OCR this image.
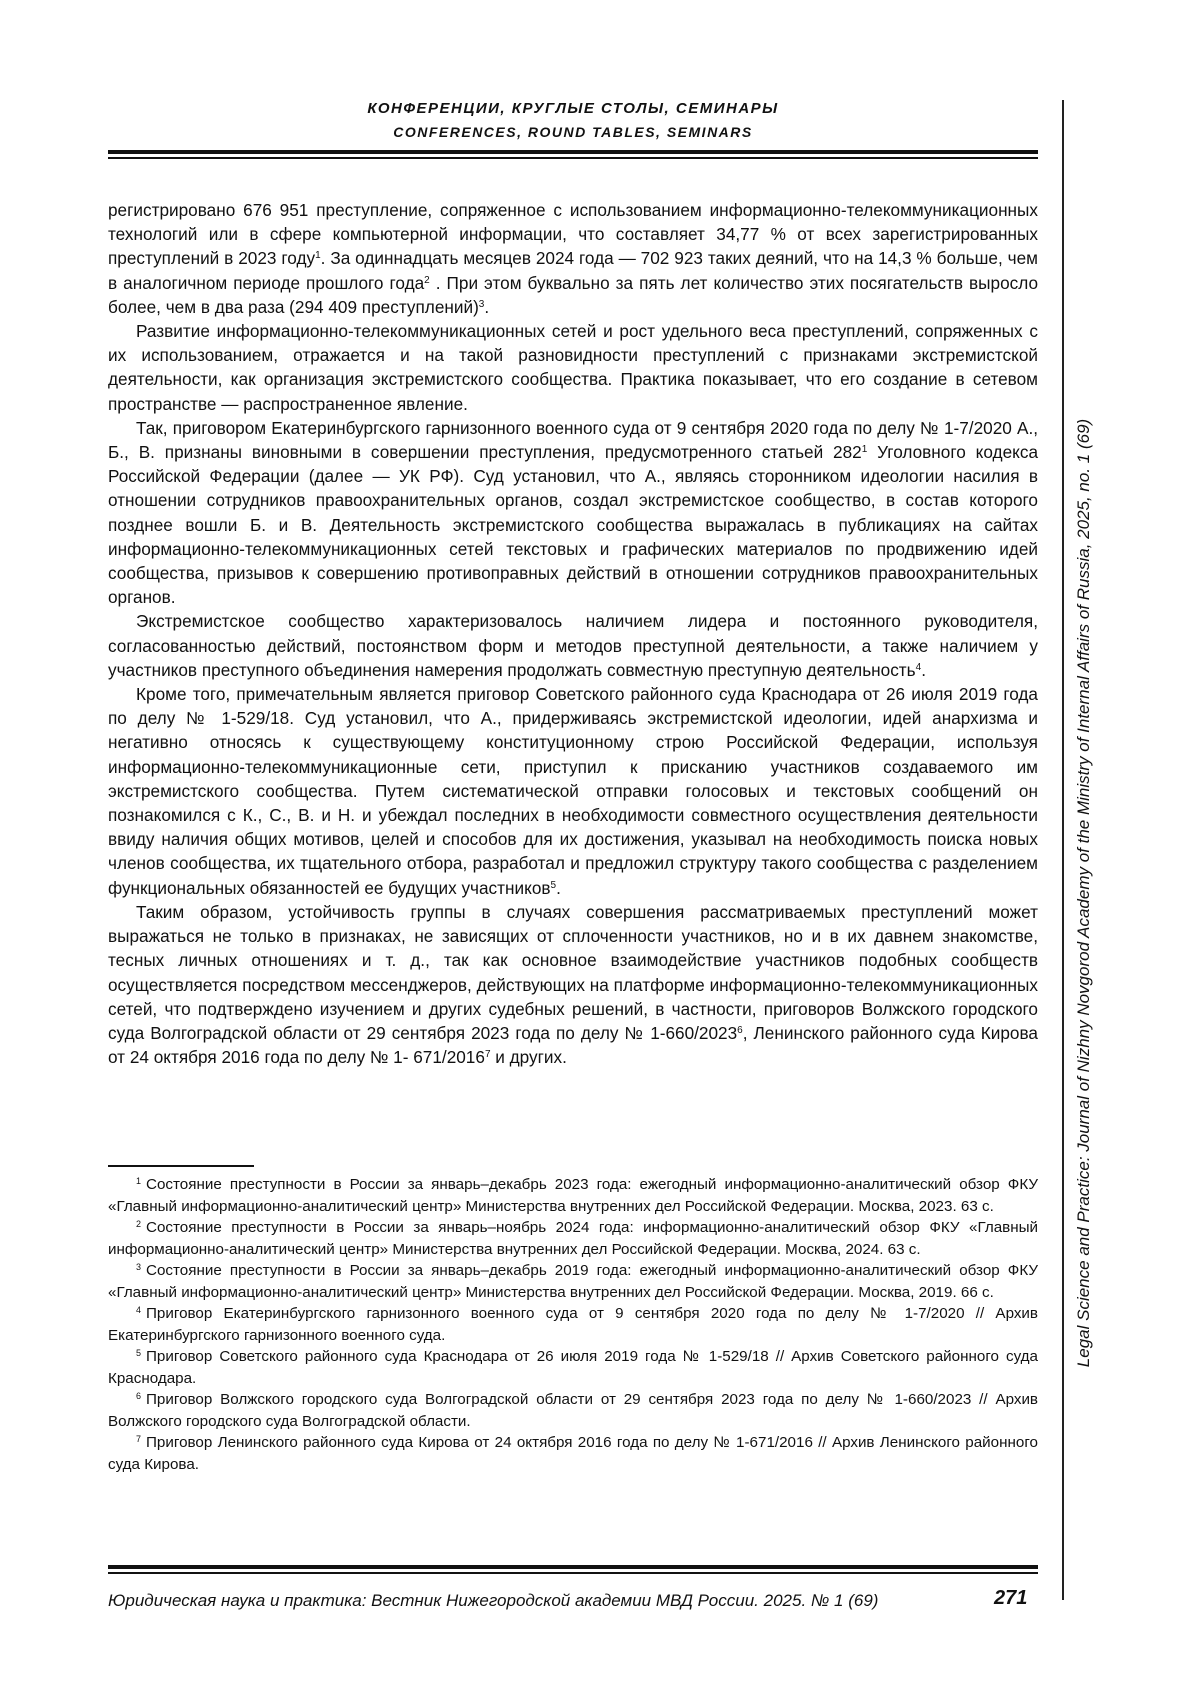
КОНФЕРЕНЦИИ, КРУГЛЫЕ СТОЛЫ, СЕМИНАРЫ
CONFERENCES, ROUND TABLES, SEMINARS
Legal Science and Practice: Journal of Nizhny Novgorod Academy of the Ministry of Internal Affairs of Russia, 2025, no. 1 (69)

регистрировано 676 951 преступление, сопряженное с использованием информационно-телекоммуникационных технологий или в сфере компьютерной информации, что составляет 34,77 % от всех зарегистрированных преступлений в 2023 году$^1$. За одиннадцать месяцев 2024 года — 702 923 таких деяний, что на 14,3 % больше, чем в аналогичном периоде прошлого года$^2$ . При этом буквально за пять лет количество этих посягательств выросло более, чем в два раза (294 409 преступлений)$^3$.

Развитие информационно-телекоммуникационных сетей и рост удельного веса преступлений, сопряженных с их использованием, отражается и на такой разновидности преступлений с признаками экстремистской деятельности, как организация экстремистского сообщества. Практика показывает, что его создание в сетевом пространстве — распространенное явление.

Так, приговором Екатеринбургского гарнизонного военного суда от 9 сентября 2020 года по делу № 1-7/2020 А., Б., В. признаны виновными в совершении преступления, предусмотренного статьей $282^1$ Уголовного кодекса Российской Федерации (далее — УК РФ). Суд установил, что А., являясь сторонником идеологии насилия в отношении сотрудников правоохранительных органов, создал экстремистское сообщество, в состав которого позднее вошли Б. и В. Деятельность экстремистского сообщества выражалась в публикациях на сайтах информационно-телекоммуникационных сетей текстовых и графических материалов по продвижению идей сообщества, призывов к совершению противоправных действий в отношении сотрудников правоохранительных органов.

Экстремистское сообщество характеризовалось наличием лидера и постоянного руководителя, согласованностью действий, постоянством форм и методов преступной деятельности, а также наличием у участников преступного объединения намерения продолжать совместную преступную деятельность$^4$.

Кроме того, примечательным является приговор Советского районного суда Краснодара от 26 июля 2019 года по делу № 1-529/18. Суд установил, что А., придерживаясь экстремистской идеологии, идей анархизма и негативно относясь к существующему конституционному строю Российской Федерации, используя информационно-телекоммуникационные сети, приступил к присканию участников создаваемого им экстремистского сообщества. Путем систематической отправки голосовых и текстовых сообщений он познакомился с К., С., В. и Н. и убеждал последних в необходимости совместного осуществления деятельности ввиду наличия общих мотивов, целей и способов для их достижения, указывал на необходимость поиска новых членов сообщества, их тщательного отбора, разработал и предложил структуру такого сообщества с разделением функциональных обязанностей ее будущих участников$^5$.

Таким образом, устойчивость группы в случаях совершения рассматриваемых преступлений может выражаться не только в признаках, не зависящих от сплоченности участников, но и в их давнем знакомстве, тесных личных отношениях и т. д., так как основное взаимодействие участников подобных сообществ осуществляется посредством мессенджеров, действующих на платформе информационно-телекоммуникационных сетей, что подтверждено изучением и других судебных решений, в частности, приговоров Волжского городского суда Волгоградской области от 29 сентября 2023 года по делу № 1-660/2023$^6$, Ленинского районного суда Кирова от 24 октября 2016 года по делу № 1- 671/2016$^7$ и других.

$^1$ Состояние преступности в России за январь–декабрь 2023 года: ежегодный информационно-аналитический обзор ФКУ «Главный информационно-аналитический центр» Министерства внутренних дел Российской Федерации. Москва, 2023. 63 с.

$^2$ Состояние преступности в России за январь–ноябрь 2024 года: информационно-аналитический обзор ФКУ «Главный информационно-аналитический центр» Министерства внутренних дел Российской Федерации. Москва, 2024. 63 с.

$^3$ Состояние преступности в России за январь–декабрь 2019 года: ежегодный информационно-аналитический обзор ФКУ «Главный информационно-аналитический центр» Министерства внутренних дел Российской Федерации. Москва, 2019. 66 с.

$^4$ Приговор Екатеринбургского гарнизонного военного суда от 9 сентября 2020 года по делу № 1-7/2020 // Архив Екатеринбургского гарнизонного военного суда.

$^5$ Приговор Советского районного суда Краснодара от 26 июля 2019 года № 1-529/18 // Архив Советского районного суда Краснодара.

$^6$ Приговор Волжского городского суда Волгоградской области от 29 сентября 2023 года по делу № 1-660/2023 // Архив Волжского городского суда Волгоградской области.

$^7$ Приговор Ленинского районного суда Кирова от 24 октября 2016 года по делу № 1-671/2016 // Архив Ленинского районного суда Кирова.

Юридическая наука и практика: Вестник Нижегородской академии МВД России. 2025. № 1 (69)	271
